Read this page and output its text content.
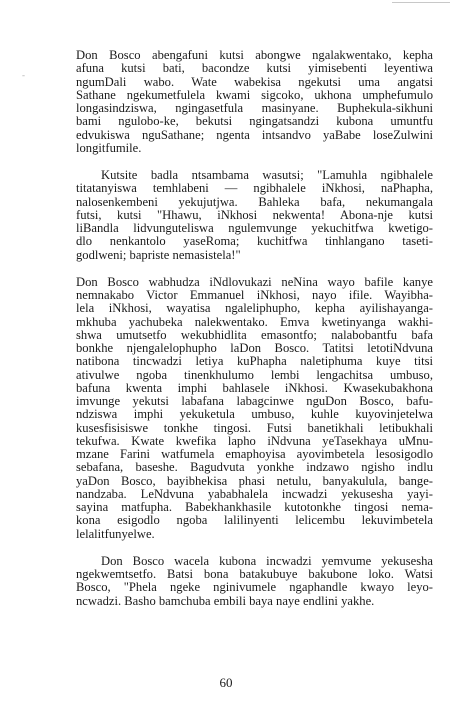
-

Don Bosco abengafuni kutsi abongwe ngalakwentako, kepha
afuna kutsi bati, bacondze kutsi yimisebenti leyentiwa
ngumDali wabo. Wate wabekisa ngekutsi uma angatsi
Sathane ngekumetfulela kwami sigcoko, ukhona umphefumulo
longasindziswa, ngingasetfula masinyane. Buphekula-sikhuni
bami ngulobo-ke, bekutsi ngingatsandzi kubona umuntfu
edvukiswa nguSathane; ngenta intsandvo yaBabe loseZulwini
longitfumile.

Kutsite badla ntsambama wasutsi; "Lamuhla ngibhalele
titatanyiswa temhlabeni — ngibhalele iNkhosi, naPhapha,
nalosenkembeni yekujutjwa. Bahleka bafa, nekumangala
futsi, kutsi "Hhawu, iNkhosi nekwenta! Abona-nje kutsi
liBandla lidvunguteliswa ngulemvunge yekuchitfwa kwetigo-
dlo nenkantolo yaseRoma; kuchitfwa tinhlangano taseti-
godlweni; bapriste nemasistela!"

Don Bosco wabhudza iNdlovukazi neNina wayo bafile kanye
nemnakabo Victor Emmanuel iNkhosi, nayo ifile. Wayibha-
lela iNkhosi, wayatisa ngaleliphupho, kepha ayilishayanga-
mkhuba yachubeka nalekwentako. Emva kwetinyanga wakhi-
shwa umutsetfo wekubhidlita emasontfo; nalabobantfu bafa
bonkhe njengalelophupho laDon Bosco. Tatitsi letotiNdvuna
natibona tincwadzi letiya kuPhapha naletiphuma kuye titsi
ativulwe ngoba tinenkhulumo lembi lengachitsa umbuso,
bafuna kwenta imphi bahlasele iNkhosi. Kwasekubakhona
imvunge yekutsi labafana labagcinwe nguDon Bosco, bafu-
ndziswa imphi yekuketula umbuso, kuhle kuyovinjetelwa
kusesfisisiswe tonkhe tingosi. Futsi banetikhali letibukhali
tekufwa. Kwate kwefika lapho iNdvuna yeTasekhaya uMnu-
mzane Farini watfumela emaphoyisa ayovimbetela lesosigodlo
sebafana, baseshe. Bagudvuta yonkhe indzawo ngisho indlu
yaDon Bosco, bayibhekisa phasi netulu, banyakulula, bange-
nandzaba. LeNdvuna yababhalela incwadzi yekusesha yayi-
sayina matfupha. Babekhankhasile kutotonkhe tingosi nema-
kona esigodlo ngoba lalilinyenti lelicembu lekuvimbetela
lelalitfunyelwe.

Don Bosco wacela kubona incwadzi yemvume yekusesha
ngekwemtsetfo. Batsi bona batakubuye bakubone loko. Watsi
Bosco, "Phela ngeke nginivumele ngaphandle kwayo leyo-
ncwadzi. Basho bamchuba embili baya naye endlini yakhe.

60
